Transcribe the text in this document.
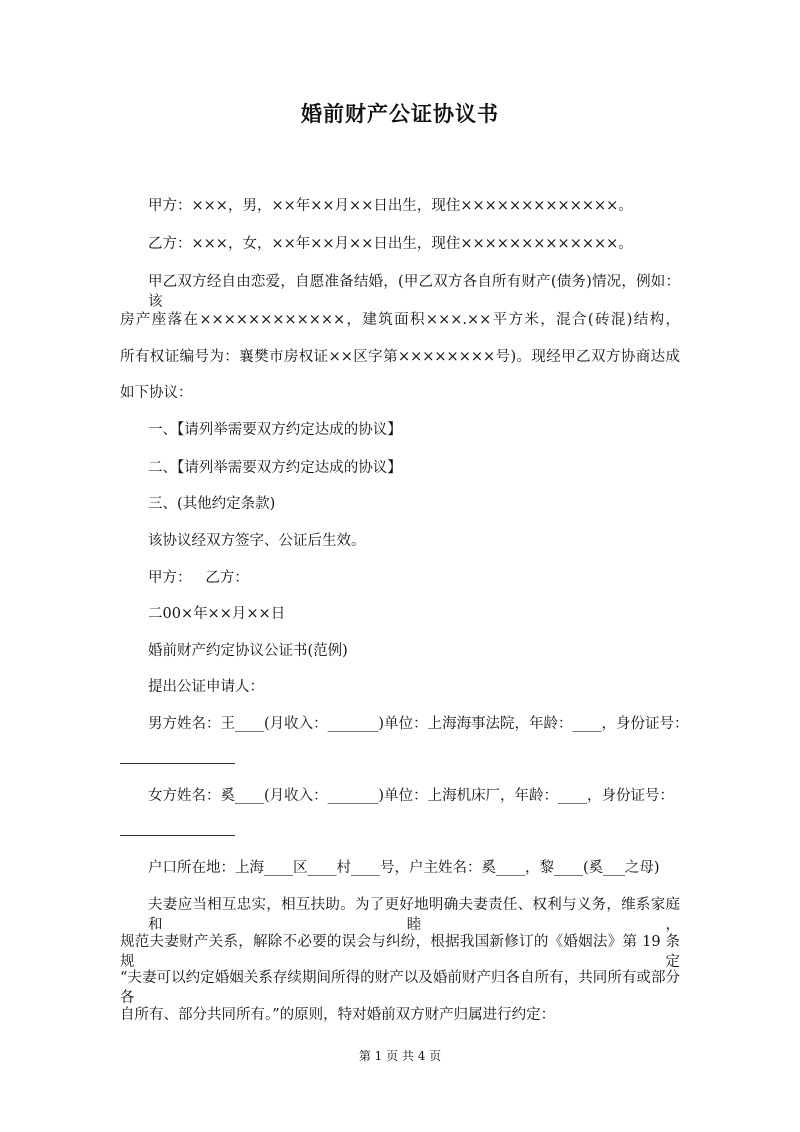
婚前财产公证协议书
甲方：×××，男，××年××月××日出生，现住×××××××××××××。
乙方：×××，女，××年××月××日出生，现住×××××××××××××。
甲乙双方经自由恋爱，自愿准备结婚，(甲乙双方各自所有财产(债务)情况，例如：该
房产座落在××××××××××××，建筑面积×××.××平方米，混合(砖混)结构，
所有权证编号为：襄樊市房权证××区字第××××××××号)。现经甲乙双方协商达成
如下协议：
一、【请列举需要双方约定达成的协议】
二、【请列举需要双方约定达成的协议】
三、(其他约定条款)
该协议经双方签字、公证后生效。
甲方：   乙方：
二00×年××月××日
婚前财产约定协议公证书(范例)
提出公证申请人：
男方姓名：王____(月收入：_______)单位：上海海事法院，年龄：____，身份证号：
女方姓名：奚____(月收入：_______)单位：上海机床厂，年龄：____，身份证号：
户口所在地：上海____区____村____号，户主姓名：奚____，黎____(奚___之母)
夫妻应当相互忠实，相互扶助。为了更好地明确夫妻责任、权利与义务，维系家庭和睦，
规范夫妻财产关系，解除不必要的误会与纠纷，根据我国新修订的《婚姻法》第 19 条规定
“夫妻可以约定婚姻关系存续期间所得的财产以及婚前财产归各自所有，共同所有或部分各
自所有、部分共同所有。”的原则，特对婚前双方财产归属进行约定：
第 1 页 共 4 页
